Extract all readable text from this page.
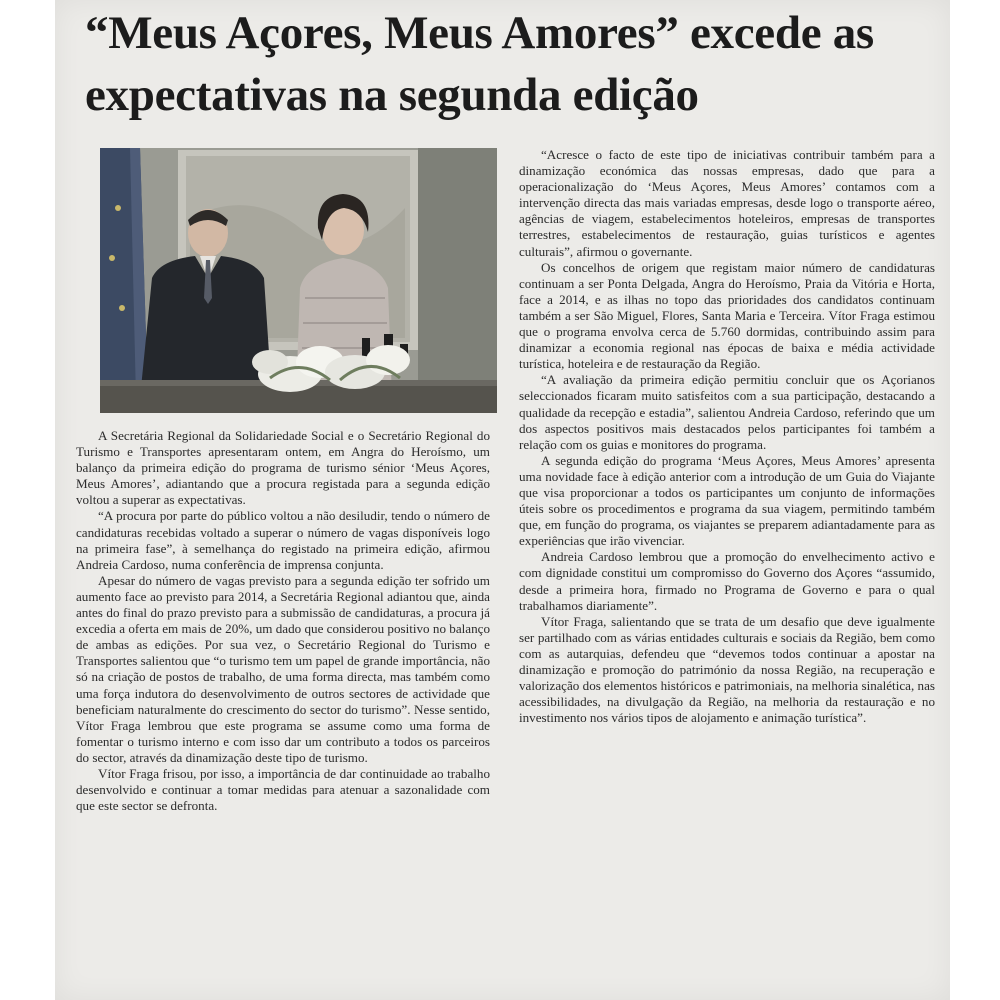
“Meus Açores, Meus Amores” excede as expectativas na segunda edição

A Secretária Regional da Solidariedade Social e o Secretário Regional do Turismo e Transportes apresentaram ontem, em Angra do Heroísmo, um balanço da primeira edição do programa de turismo sénior ‘Meus Açores, Meus Amores’, adiantando que a procura registada para a segunda edição voltou a superar as expectativas.

“A procura por parte do público voltou a não desiludir, tendo o número de candidaturas recebidas voltado a superar o número de vagas disponíveis logo na primeira fase”, à semelhança do registado na primeira edição, afirmou Andreia Cardoso, numa conferência de imprensa conjunta.

Apesar do número de vagas previsto para a segunda edição ter sofrido um aumento face ao previsto para 2014, a Secretária Regional adiantou que, ainda antes do final do prazo previsto para a submissão de candidaturas, a procura já excedia a oferta em mais de 20%, um dado que considerou positivo no balanço de ambas as edições. Por sua vez, o Secretário Regional do Turismo e Transportes salientou que “o turismo tem um papel de grande importância, não só na criação de postos de trabalho, de uma forma directa, mas também como uma força indutora do desenvolvimento de outros sectores de actividade que beneficiam naturalmente do crescimento do sector do turismo”. Nesse sentido, Vítor Fraga lembrou que este programa se assume como uma forma de fomentar o turismo interno e com isso dar um contributo a todos os parceiros do sector, através da dinamização deste tipo de turismo.

Vítor Fraga frisou, por isso, a importância de dar continuidade ao trabalho desenvolvido e continuar a tomar medidas para atenuar a sazonalidade com que este sector se defronta.

“Acresce o facto de este tipo de iniciativas contribuir também para a dinamização económica das nossas empresas, dado que para a operacionalização do ‘Meus Açores, Meus Amores’ contamos com a intervenção directa das mais variadas empresas, desde logo o transporte aéreo, agências de viagem, estabelecimentos hoteleiros, empresas de transportes terrestres, estabelecimentos de restauração, guias turísticos e agentes culturais”, afirmou o governante.

Os concelhos de origem que registam maior número de candidaturas continuam a ser Ponta Delgada, Angra do Heroísmo, Praia da Vitória e Horta, face a 2014, e as ilhas no topo das prioridades dos candidatos continuam também a ser São Miguel, Flores, Santa Maria e Terceira. Vítor Fraga estimou que o programa envolva cerca de 5.760 dormidas, contribuindo assim para dinamizar a economia regional nas épocas de baixa e média actividade turística, hoteleira e de restauração da Região.

“A avaliação da primeira edição permitiu concluir que os Açorianos seleccionados ficaram muito satisfeitos com a sua participação, destacando a qualidade da recepção e estadia”, salientou Andreia Cardoso, referindo que um dos aspectos positivos mais destacados pelos participantes foi também a relação com os guias e monitores do programa.

A segunda edição do programa ‘Meus Açores, Meus Amores’ apresenta uma novidade face à edição anterior com a introdução de um Guia do Viajante que visa proporcionar a todos os participantes um conjunto de informações úteis sobre os procedimentos e programa da sua viagem, permitindo também que, em função do programa, os viajantes se preparem adiantadamente para as experiências que irão vivenciar.

Andreia Cardoso lembrou que a promoção do envelhecimento activo e com dignidade constitui um compromisso do Governo dos Açores “assumido, desde a primeira hora, firmado no Programa de Governo e para o qual trabalhamos diariamente”.

Vítor Fraga, salientando que se trata de um desafio que deve igualmente ser partilhado com as várias entidades culturais e sociais da Região, bem como com as autarquias, defendeu que “devemos todos continuar a apostar na dinamização e promoção do património da nossa Região, na recuperação e valorização dos elementos históricos e patrimoniais, na melhoria sinalética, nas acessibilidades, na divulgação da Região, na melhoria da restauração e no investimento nos vários tipos de alojamento e animação turística”.
